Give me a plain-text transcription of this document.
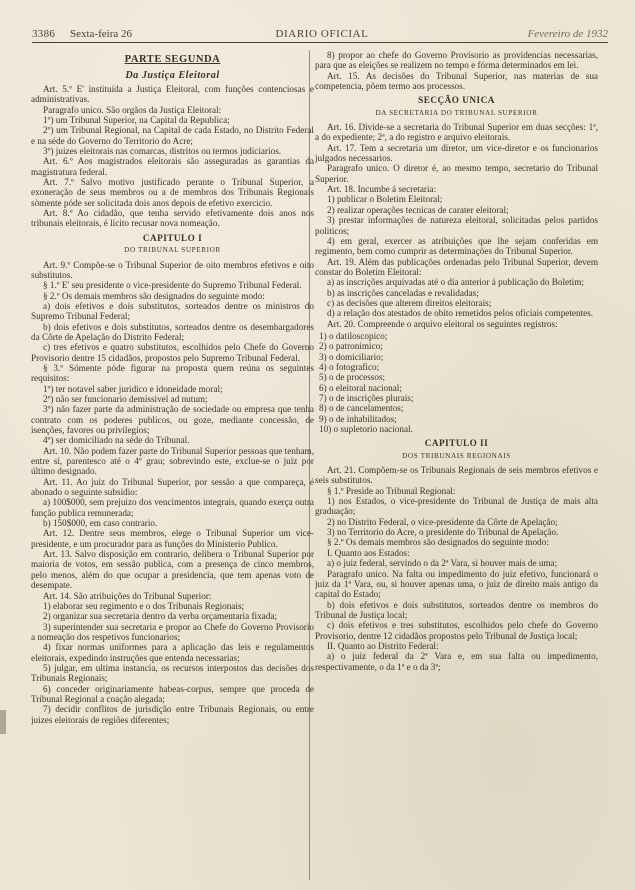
3386 Sexta-feira 26	DIARIO OFICIAL	Fevereiro de 1932

PARTE SEGUNDA

Da Justiça Eleitoral

Art. 5.º E' instituída a Justiça Eleitoral, com funções contenciosas e administrativas.

Paragrafo unico. São orgãos da Justiça Eleitoral:

1º) um Tribunal Superior, na Capital da Republica;

2º) um Tribunal Regional, na Capital de cada Estado, no Distrito Federal e na séde do Governo do Territorio do Acre;

3º) juizes eleitorais nas comarcas, distritos ou termos judiciarios.

Art. 6.º Aos magistrados eleitorais são asseguradas as garantias da magistratura federal.

Art. 7.º Salvo motivo justificado perante o Tribunal Superior, a exoneração de seus membros ou a de membros dos Tribunais Regionais sòmente póde ser solicitada dois anos depois de efetivo exercicio.

Art. 8.º Ao cidadão, que tenha servido efetivamente dois anos nos tribunais eleitorais, é licito recusar nova nomeação.

CAPITULO I

DO TRIBUNAL SUPERIOR

Art. 9.º Compõe-se o Tribunal Superior de oito membros efetivos e oito substitutos.

§ 1.º E' seu presidente o vice-presidente do Supremo Tribunal Federal.

§ 2.º Os demais membros são designados do seguinte modo:

a) dois efetivos e dois substitutos, sorteados dentre os ministros do Supremo Tribunal Federal;

b) dois efetivos e dois substitutos, sorteados dentre os desembargadores da Côrte de Apelação do Distrito Federal;

c) tres efetivos e quatro substitutos, escolhidos pelo Chefe do Governo Provisorio dentre 15 cidadãos, propostos pelo Supremo Tribunal Federal.

§ 3.º Sómente póde figurar na proposta quem reúna os seguintes requisitos:

1º) ter notavel saber juridico e idoneidade moral;

2º) não ser funcionario demissivel ad nutum;

3º) não fazer parte da administração de sociedade ou empresa que tenha contrato com os poderes publicos, ou goze, mediante concessão, de isenções, favores ou privilegios;

4º) ser domiciliado na séde do Tribunal.

Art. 10. Não podem fazer parte do Tribunal Superior pessoas que tenham, entre si, parentesco até o 4º grau; sobrevindo este, exclue-se o juiz por último designado.

Art. 11. Ao juiz do Tribunal Superior, por sessão a que compareça, é abonado o seguinte subsidio:

a) 100$000, sem prejuizo dos vencimentos integrais, quando exerça outra função publica remunerada;

b) 150$000, em caso contrario.

Art. 12. Dentre seus membros, elege o Tribunal Superior um vice-presidente, e um procurador para as funções do Ministerio Publico.

Art. 13. Salvo disposição em contrario, delibera o Tribunal Superior por maioria de votos, em sessão publica, com a presença de cinco membros, pelo menos, além do que ocupar a presidencia, que tem apenas voto de desempate.

Art. 14. São atribuições do Tribunal Superior:

1) elaborar seu regimento e o dos Tribunais Regionais;

2) organizar sua secretaria dentro da verba orçamentaria fixada;

3) superintender sua secretaria e propor ao Chefe do Governo Provisorio a nomeação dos respetivos funcionarios;

4) fixar normas uniformes para a aplicação das leis e regulamentos eleitorais, expedindo instruções que entenda necessarias;

5) julgar, em ultima instancia, os recursos interpostos das decisões dos Tribunais Regionais;

6) conceder originariamente habeas-corpus, sempre que proceda de Tribunal Regional a coação alegada;

7) decidir conflitos de jurisdição entre Tribunais Regionais, ou entre juizes eleitorais de regiões diferentes;

8) propor ao chefe do Governo Provisorio as providencias necessarias, para que as eleições se realizem no tempo e fórma determinados em lei.

Art. 15. As decisões do Tribunal Superior, nas materias de sua competencia, põem termo aos processos.

SECÇÃO UNICA

DA SECRETARIA DO TRIBUNAL SUPERIOR

Art. 16. Divide-se a secretaria do Tribunal Superior em duas secções: 1ª, a do expediente; 2ª, a do registro e arquivo eleitorais.

Art. 17. Tem a secretaria um diretor, um vice-diretor e os funcionarios julgados necessarios.

Paragrafo unico. O diretor é, ao mesmo tempo, secretario do Tribunal Superior.

Art. 18. Incumbe á secretaria:

1) publicar o Boletim Eleitoral;

2) realizar operações tecnicas de carater eleitoral;

3) prestar informações de natureza eleitoral, solicitadas pelos partidos politicos;

4) em geral, exercer as atribuições que lhe sejam conferidas em regimento, bem como cumprir as determinações do Tribunal Superior.

Art. 19. Além das publicações ordenadas pelo Tribunal Superior, devem constar do Boletim Eleitoral:

a) as inscrições arquivadas até o dia anterior á publicação do Boletim;

b) as inscrições canceladas e revalidadas;

c) as decisões que alterem direitos eleitorais;

d) a relação dos atestados de obito remetidos pelos oficiais competentes.

Art. 20. Compreende o arquivo eleitoral os seguintes registros:

1) o datiloscopico;
2) o patronimico;
3) o domiciliario;
4) o fotografico;
5) o de processos;
6) o eleitoral nacional;
7) o de inscrições plurais;
8) o de cancelamentos;
9) o de inhabilitados;
10) o supletorio nacional.

CAPITULO II

DOS TRIBUNAIS REGIONAIS

Art. 21. Compõem-se os Tribunais Regionais de seis membros efetivos e seis substitutos.

§ 1.º Preside ao Tribunal Regional:

1) nos Estados, o vice-presidente do Tribunal de Justiça de mais alta graduação;

2) no Distrito Federal, o vice-presidente da Côrte de Apelação;

3) no Territorio do Acre, o presidente do Tribunal de Apelação.

§ 2.º Os demais membros são designados do seguinte modo:

I. Quanto aos Estados:

a) o juiz federal, servindo o da 2ª Vara, si houver mais de uma;

Paragrafo unico. Na falta ou impedimento do juiz efetivo, funcionará o juiz da 1ª Vara, ou, si houver apenas uma, o juiz de direito mais antigo da capital do Estado;

b) dois efetivos e dois substitutos, sorteados dentre os membros do Tribunal de Justiça local;

c) dois efetivos e tres substitutos, escolhidos pelo chefe do Governo Provisorio, dentre 12 cidadãos propostos pelo Tribunal de Justiça local;

II. Quanto ao Distrito Federal:

a) o juiz federal da 2ª Vara e, em sua falta ou impedimento, respectivamente, o da 1ª e o da 3ª;
